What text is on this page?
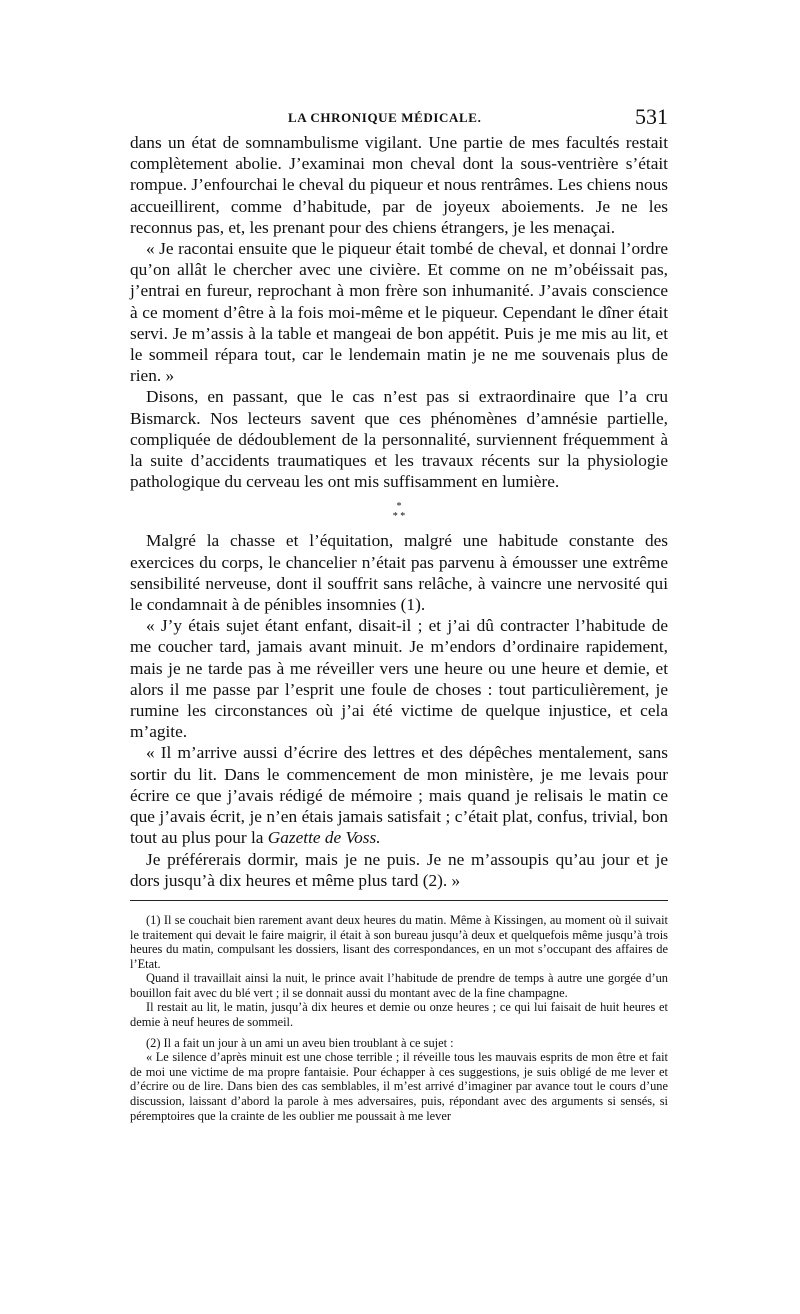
LA CHRONIQUE MÉDICALE.	531

dans un état de somnambulisme vigilant. Une partie de mes facultés restait complètement abolie. J’examinai mon cheval dont la sous-ventrière s’était rompue. J’enfourchai le cheval du piqueur et nous rentrâmes. Les chiens nous accueillirent, comme d’habitude, par de joyeux aboiements. Je ne les reconnus pas, et, les prenant pour des chiens étrangers, je les menaçai.

« Je racontai ensuite que le piqueur était tombé de cheval, et donnai l’ordre qu’on allât le chercher avec une civière. Et comme on ne m’obéissait pas, j’entrai en fureur, reprochant à mon frère son inhumanité. J’avais conscience à ce moment d’être à la fois moi-même et le piqueur. Cependant le dîner était servi. Je m’assis à la table et mangeai de bon appétit. Puis je me mis au lit, et le sommeil répara tout, car le lendemain matin je ne me souvenais plus de rien. »

Disons, en passant, que le cas n’est pas si extraordinaire que l’a cru Bismarck. Nos lecteurs savent que ces phénomènes d’amnésie partielle, compliquée de dédoublement de la personnalité, surviennent fréquemment à la suite d’accidents traumatiques et les travaux récents sur la physiologie pathologique du cerveau les ont mis suffisamment en lumière.

*
* *

Malgré la chasse et l’équitation, malgré une habitude constante des exercices du corps, le chancelier n’était pas parvenu à émousser une extrême sensibilité nerveuse, dont il souffrit sans relâche, à vaincre une nervosité qui le condamnait à de pénibles insomnies (1).

« J’y étais sujet étant enfant, disait-il ; et j’ai dû contracter l’habitude de me coucher tard, jamais avant minuit. Je m’endors d’ordinaire rapidement, mais je ne tarde pas à me réveiller vers une heure ou une heure et demie, et alors il me passe par l’esprit une foule de choses : tout particulièrement, je rumine les circonstances où j’ai été victime de quelque injustice, et cela m’agite.

« Il m’arrive aussi d’écrire des lettres et des dépêches mentalement, sans sortir du lit. Dans le commencement de mon ministère, je me levais pour écrire ce que j’avais rédigé de mémoire ; mais quand je relisais le matin ce que j’avais écrit, je n’en étais jamais satisfait ; c’était plat, confus, trivial, bon tout au plus pour la Gazette de Voss.

Je préférerais dormir, mais je ne puis. Je ne m’assoupis qu’au jour et je dors jusqu’à dix heures et même plus tard (2). »

(1) Il se couchait bien rarement avant deux heures du matin. Même à Kissingen, au moment où il suivait le traitement qui devait le faire maigrir, il était à son bureau jusqu’à deux et quelquefois même jusqu’à trois heures du matin, compulsant les dossiers, lisant des correspondances, en un mot s’occupant des affaires de l’Etat.

Quand il travaillait ainsi la nuit, le prince avait l’habitude de prendre de temps à autre une gorgée d’un bouillon fait avec du blé vert ; il se donnait aussi du montant avec de la fine champagne.

Il restait au lit, le matin, jusqu’à dix heures et demie ou onze heures ; ce qui lui faisait de huit heures et demie à neuf heures de sommeil.

(2) Il a fait un jour à un ami un aveu bien troublant à ce sujet :

« Le silence d’après minuit est une chose terrible ; il réveille tous les mauvais esprits de mon être et fait de moi une victime de ma propre fantaisie. Pour échapper à ces suggestions, je suis obligé de me lever et d’écrire ou de lire. Dans bien des cas semblables, il m’est arrivé d’imaginer par avance tout le cours d’une discussion, laissant d’abord la parole à mes adversaires, puis, répondant avec des arguments si sensés, si péremptoires que la crainte de les oublier me poussait à me lever
